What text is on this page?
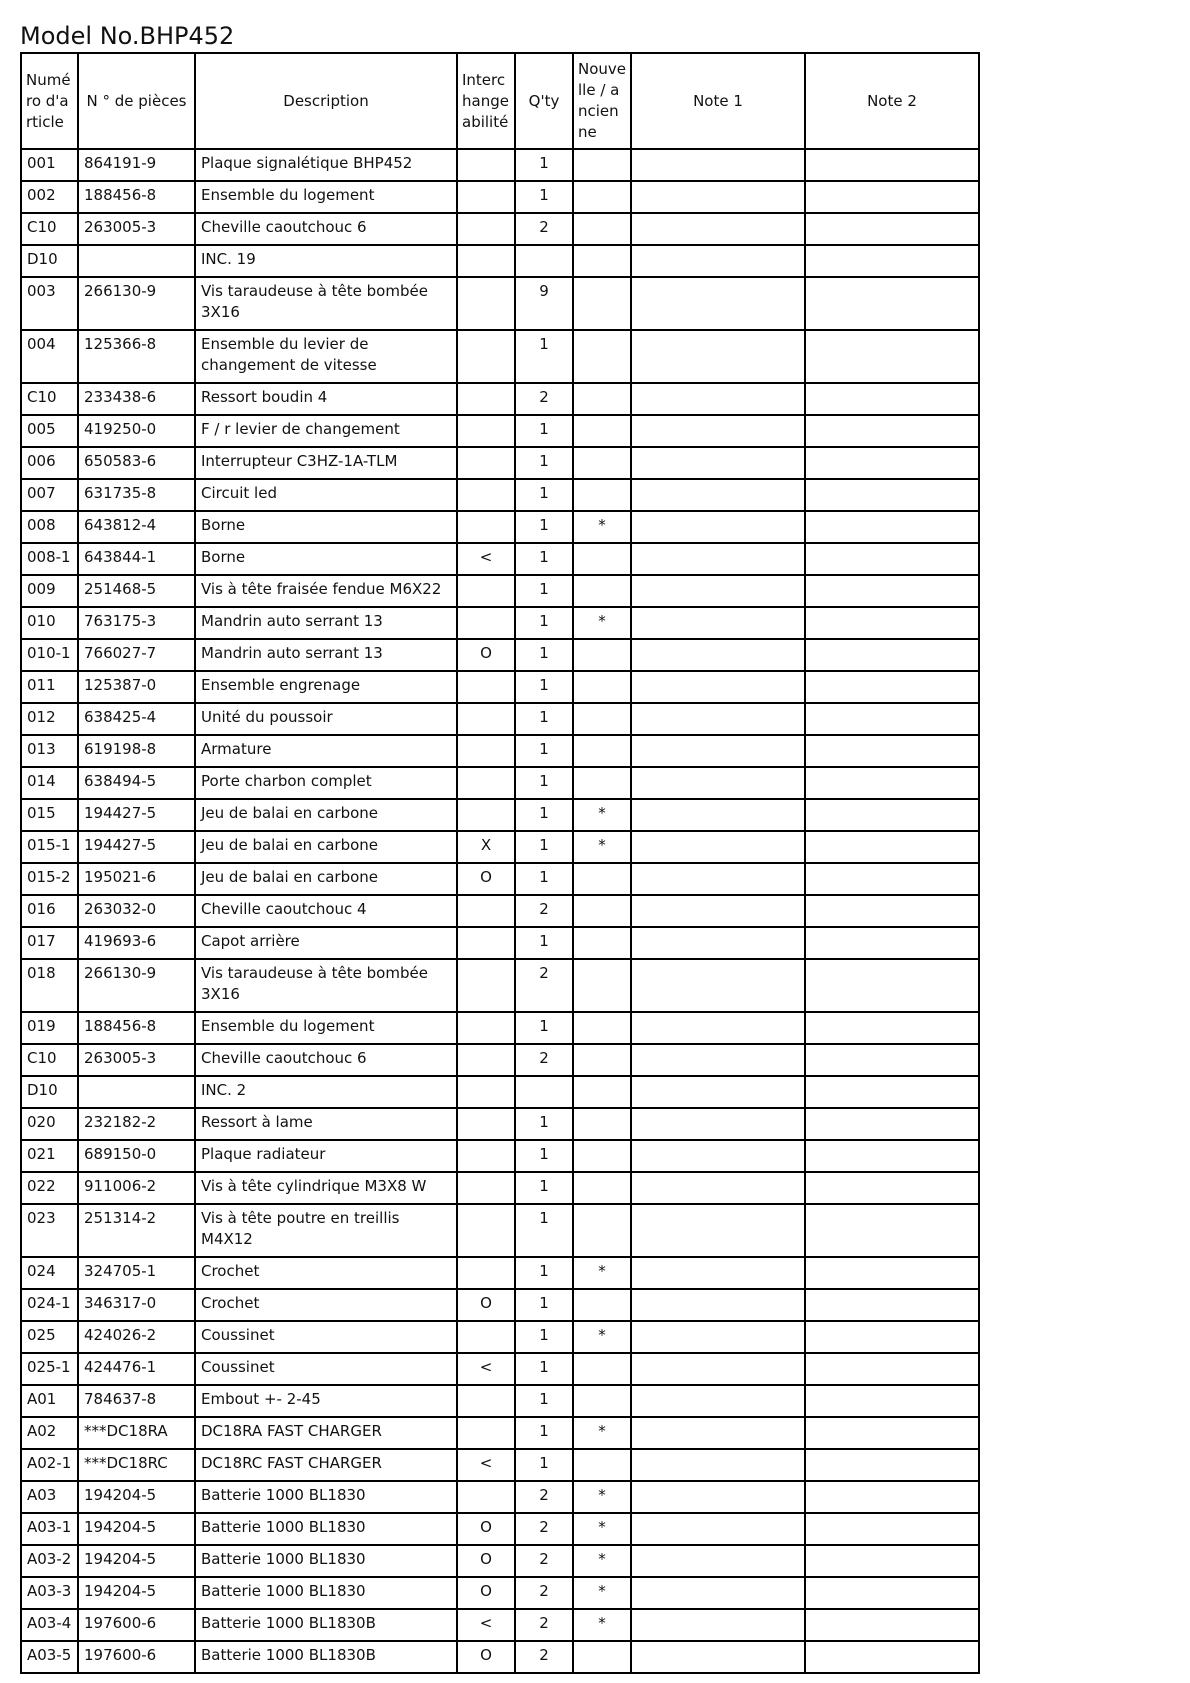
Model No.BHP452
Numéro d'article	N ° de pièces	Description	Interchangeabilité	Q'ty	Nouvelle / ancienne	Note 1	Note 2
001	864191-9	Plaque signalétique BHP452		1			
002	188456-8	Ensemble du logement		1			
C10	263005-3	Cheville caoutchouc 6		2			
D10		INC. 19					
003	266130-9	Vis taraudeuse à tête bombée 3X16		9			
004	125366-8	Ensemble du levier de changement de vitesse		1			
C10	233438-6	Ressort boudin 4		2			
005	419250-0	F / r levier de changement		1			
006	650583-6	Interrupteur C3HZ-1A-TLM		1			
007	631735-8	Circuit led		1			
008	643812-4	Borne		1	*		
008-1	643844-1	Borne	<	1			
009	251468-5	Vis à tête fraisée fendue M6X22		1			
010	763175-3	Mandrin auto serrant 13		1	*		
010-1	766027-7	Mandrin auto serrant 13	O	1			
011	125387-0	Ensemble engrenage		1			
012	638425-4	Unité du poussoir		1			
013	619198-8	Armature		1			
014	638494-5	Porte charbon complet		1			
015	194427-5	Jeu de balai en carbone		1	*		
015-1	194427-5	Jeu de balai en carbone	X	1	*		
015-2	195021-6	Jeu de balai en carbone	O	1			
016	263032-0	Cheville caoutchouc 4		2			
017	419693-6	Capot arrière		1			
018	266130-9	Vis taraudeuse à tête bombée 3X16		2			
019	188456-8	Ensemble du logement		1			
C10	263005-3	Cheville caoutchouc 6		2			
D10		INC. 2					
020	232182-2	Ressort à lame		1			
021	689150-0	Plaque radiateur		1			
022	911006-2	Vis à tête cylindrique M3X8 W		1			
023	251314-2	Vis à tête poutre en treillis M4X12		1			
024	324705-1	Crochet		1	*		
024-1	346317-0	Crochet	O	1			
025	424026-2	Coussinet		1	*		
025-1	424476-1	Coussinet	<	1			
A01	784637-8	Embout +- 2-45		1			
A02	***DC18RA	DC18RA FAST CHARGER		1	*		
A02-1	***DC18RC	DC18RC FAST CHARGER	<	1			
A03	194204-5	Batterie 1000 BL1830		2	*		
A03-1	194204-5	Batterie 1000 BL1830	O	2	*		
A03-2	194204-5	Batterie 1000 BL1830	O	2	*		
A03-3	194204-5	Batterie 1000 BL1830	O	2	*		
A03-4	197600-6	Batterie 1000 BL1830B	<	2	*		
A03-5	197600-6	Batterie 1000 BL1830B	O	2			
